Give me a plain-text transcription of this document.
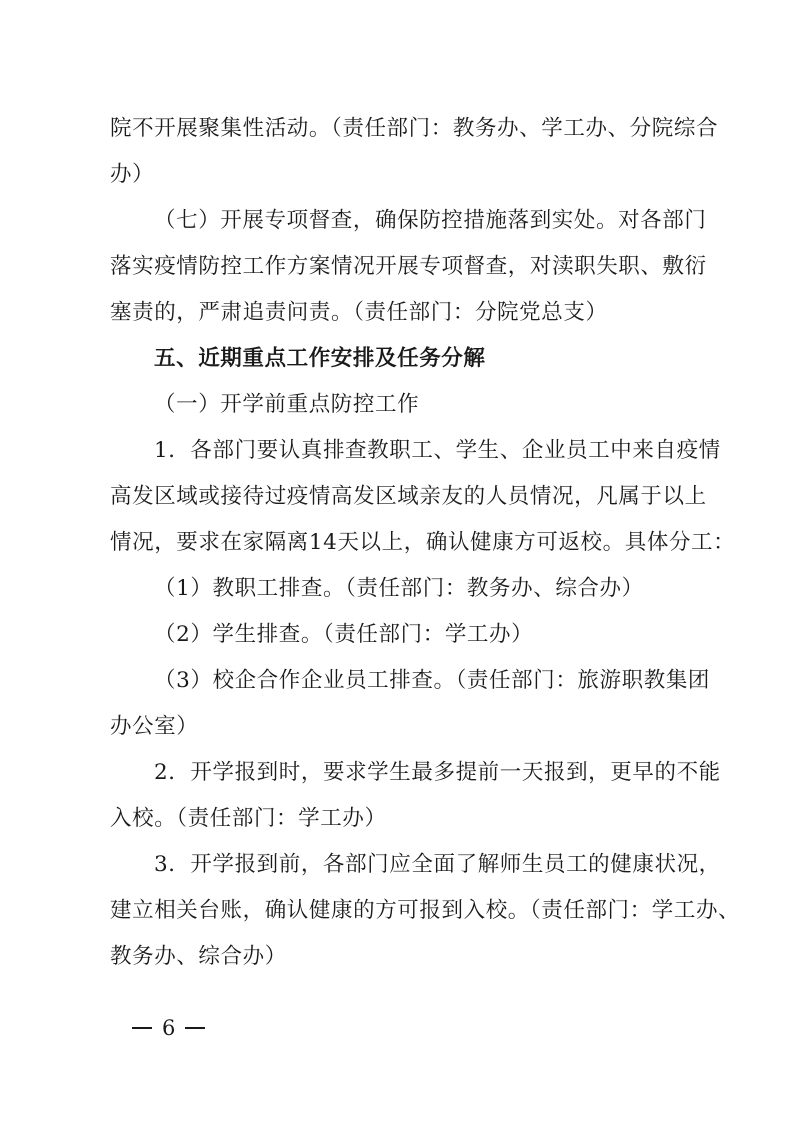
院不开展聚集性活动。（责任部门：教务办、学工办、分院综合
办）
（七）开展专项督查，确保防控措施落到实处。对各部门
落实疫情防控工作方案情况开展专项督查，对渎职失职、敷衍
塞责的，严肃追责问责。（责任部门：分院党总支）
五、近期重点工作安排及任务分解
（一）开学前重点防控工作
1．各部门要认真排查教职工、学生、企业员工中来自疫情
高发区域或接待过疫情高发区域亲友的人员情况，凡属于以上
情况，要求在家隔离14天以上，确认健康方可返校。具体分工：
（1）教职工排查。（责任部门：教务办、综合办）
（2）学生排查。（责任部门：学工办）
（3）校企合作企业员工排查。（责任部门：旅游职教集团
办公室）
2．开学报到时，要求学生最多提前一天报到，更早的不能
入校。（责任部门：学工办）
3．开学报到前，各部门应全面了解师生员工的健康状况，
建立相关台账，确认健康的方可报到入校。（责任部门：学工办、
教务办、综合办）
6
